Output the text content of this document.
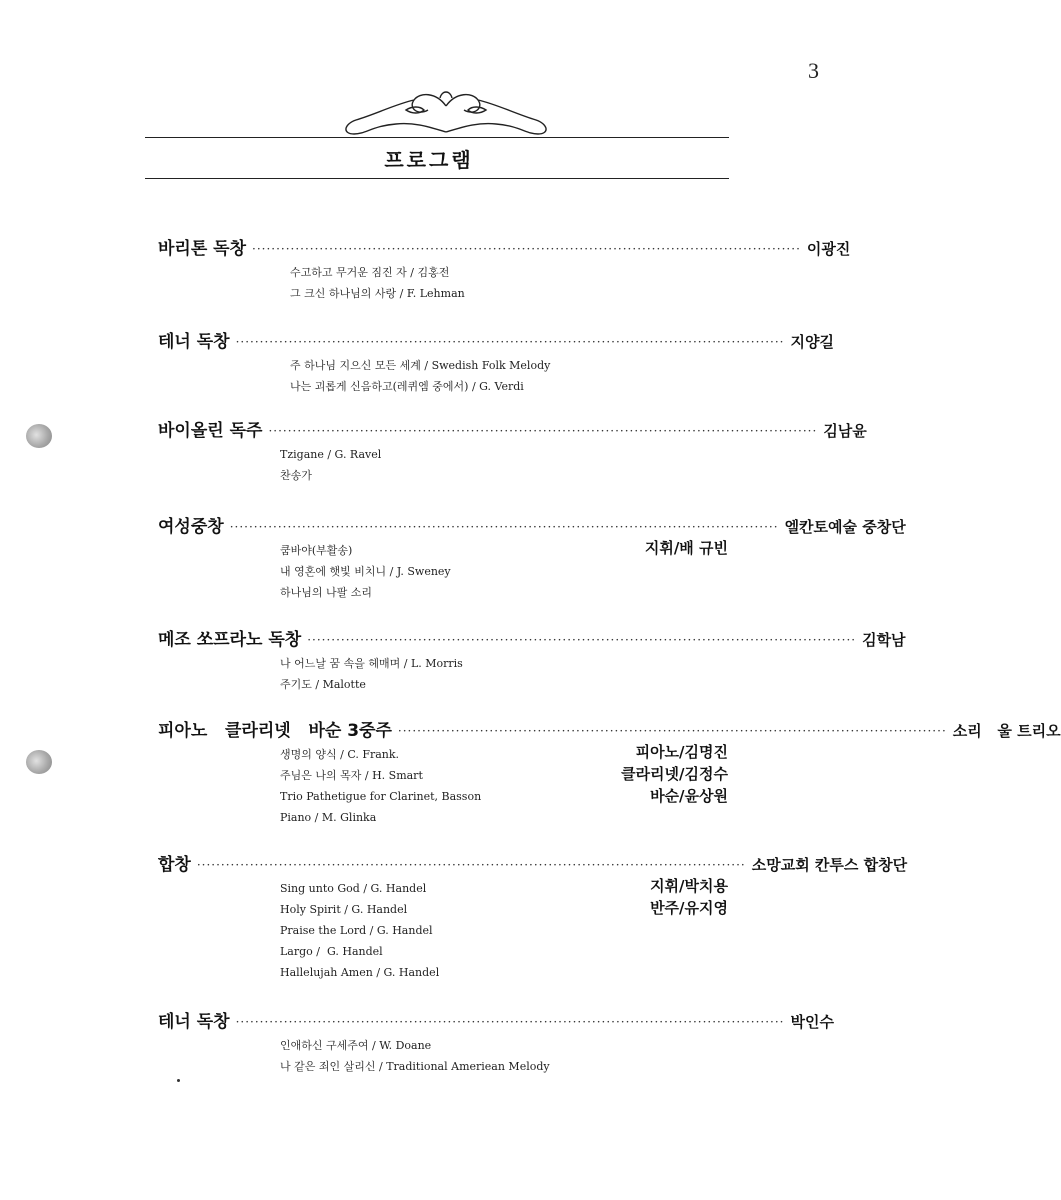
3
프로그램
바리톤 독창 ·················································································································· 이광진
수고하고 무거운 짐진 자 / 김홍전
그 크신 하나님의 사랑 / F. Lehman
테너 독창 ·················································································································· 지양길
주 하나님 지으신 모든 세계 / Swedish Folk Melody
나는 괴롭게 신음하고(레퀴엠 중에서) / G. Verdi
바이올린 독주 ·················································································································· 김남윤
Tzigane / G. Ravel
찬송가
여성중창 ·················································································································· 엘칸토예술 중창단
쿰바야(부활송)
내 영혼에 햇빛 비치니 / J. Sweney
하나님의 나팔 소리
지휘/배 규빈
메조 쏘프라노 독창 ·················································································································· 김학남
나 어느날 꿈 속을 헤매며 / L. Morris
주기도 / Malotte
피아노   클라리넷   바순 3중주 ·················································································································· 소리   울 트리오
생명의 양식 / C. Frank.
주님은 나의 목자 / H. Smart
Trio Pathetigue for Clarinet, Basson
Piano / M. Glinka
피아노/김명진
클라리넷/김정수
바순/윤상원
합창 ·················································································································· 소망교회 칸투스 합창단
Sing unto God / G. Handel
Holy Spirit / G. Handel
Praise the Lord / G. Handel
Largo /  G. Handel
Hallelujah Amen / G. Handel
지휘/박치용
반주/유지영
테너 독창 ·················································································································· 박인수
인애하신 구세주여 / W. Doane
나 같은 죄인 살리신 / Traditional Ameriean Melody
